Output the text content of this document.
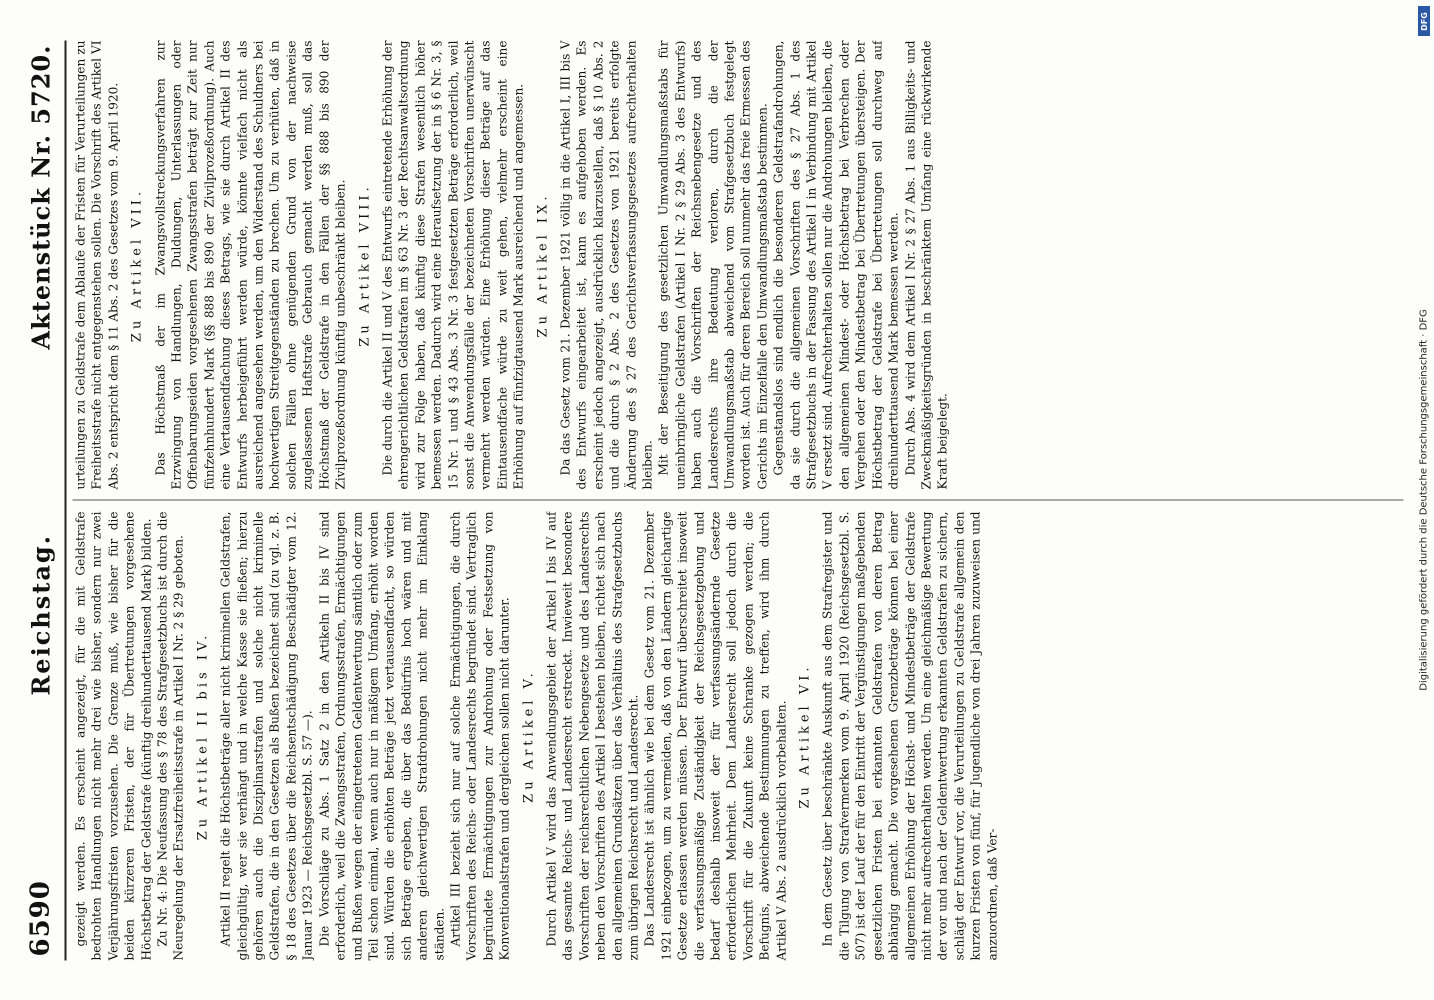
6590
Reichstag.
Aktenstück Nr. 5720.

gezeigt werden. Es erscheint angezeigt, für die mit Geldstrafe bedrohten Handlungen nicht mehr drei wie bisher, sondern nur zwei Verjährungsfristen vorzusehen. Die Grenze muß, wie bisher für die beiden kürzeren Fristen, der für Übertretungen vorgesehene Höchstbetrag der Geldstrafe (künftig dreihunderttausend Mark) bilden. Zu Nr. 4: Die Neufassung des § 78 des Strafgesetzbuchs ist durch die Neuregelung der Ersatzfreiheitsstrafe in Artikel I Nr. 2 § 29 geboten. Zu Artikel II bis IV. Artikel II regelt die Höchstbeträge aller nicht kriminellen Geldstrafen, gleichgültig, wer sie verhängt und in welche Kasse sie fließen; hierzu gehören auch die Disziplinarstrafen und solche nicht kriminelle Geldstrafen, die in den Gesetzen als Bußen bezeichnet sind (zu vgl. z. B. § 18 des Gesetzes über die Reichsentschädigung Beschädigter vom 12. Januar 1923 — Reichsgesetzbl. S. 57 —). Die Vorschläge zu Abs. 1 Satz 2 in den Artikeln II bis IV sind erforderlich, weil die Zwangsstrafen, Ordnungsstrafen, Ermächtigungen und Bußen wegen der eingetretenen Geldentwertung sämtlich oder zum Teil schon einmal, wenn auch nur in mäßigem Umfang, erhöht worden sind. Würden die erhöhten Beträge jetzt vertausendfacht, so würden sich Beträge ergeben, die über das Bedürfnis hoch wären und mit anderen gleichwertigen Strafdrohungen nicht mehr im Einklang ständen. Artikel III bezieht sich nur auf solche Ermächtigungen, die durch Vorschriften des Reichs- oder Landesrechts begründet sind. Vertraglich begründete Ermächtigungen zur Androhung oder Festsetzung von Konventionalstrafen und dergleichen sollen nicht darunter. Zu Artikel V. Durch Artikel V wird das Anwendungsgebiet der Artikel I bis IV auf das gesamte Reichs- und Landesrecht erstreckt. Inwieweit besondere Vorschriften der reichsrechtlichen Nebengesetze und des Landesrechts neben den Vorschriften des Artikel I bestehen bleiben, richtet sich nach den allgemeinen Grundsätzen über das Verhältnis des Strafgesetzbuchs zum übrigen Reichsrecht und Landesrecht. Das Landesrecht ist ähnlich wie bei dem Gesetz vom 21. Dezember 1921 einbezogen, um zu vermeiden, daß von den Ländern gleichartige Gesetze erlassen werden müssen. Der Entwurf überschreitet insoweit die verfassungsmäßige Zuständigkeit der Reichsgesetzgebung und bedarf deshalb insoweit der für verfassungsändernde Gesetze erforderlichen Mehrheit. Dem Landesrecht soll jedoch durch die Vorschrift für die Zukunft keine Schranke gezogen werden; die Befugnis, abweichende Bestimmungen zu treffen, wird ihm durch Artikel V Abs. 2 ausdrücklich vorbehalten. Zu Artikel VI. In dem Gesetz über beschränkte Auskunft aus dem Strafregister und die Tilgung von Strafvermerken vom 9. April 1920 (Reichsgesetzbl. S. 507) ist der Lauf der für den Eintritt der Vergünstigungen maßgebenden gesetzlichen Fristen bei erkannten Geldstrafen von deren Betrag abhängig gemacht. Die vorgesehenen Grenzbeträge können bei einer allgemeinen Erhöhung der Höchst- und Mindestbeträge der Geldstrafe nicht mehr aufrechterhalten werden. Um eine gleichmäßige Bewertung der vor und nach der Geldentwertung erkannten Geldstrafen zu sichern, schlägt der Entwurf vor, die Verurteilungen zu Geldstrafe allgemein den kurzen Fristen von fünf, für Jugendliche von drei Jahren zuzuweisen und anzuordnen, daß Ver-

urteilungen zu Geldstrafe dem Ablaufe der Fristen für Verurteilungen zu Freiheitsstrafe nicht entgegenstehen sollen. Die Vorschrift des Artikel VI Abs. 2 entspricht dem § 11 Abs. 2 des Gesetzes vom 9. April 1920. Zu Artikel VII. Das Höchstmaß der im Zwangsvollstreckungsverfahren zur Erzwingung von Handlungen, Duldungen, Unterlassungen oder Offenbarungseiden vorgesehenen Zwangsstrafen beträgt zur Zeit nur fünfzehnhundert Mark (§§ 888 bis 890 der Zivilprozeßordnung). Auch eine Vertausendfachung dieses Betrags, wie sie durch Artikel II des Entwurfs herbeigeführt werden würde, könnte vielfach nicht als ausreichend angesehen werden, um den Widerstand des Schuldners bei hochwertigen Streitgegenständen zu brechen. Um zu verhüten, daß in solchen Fällen ohne genügenden Grund von der nachweise zugelassenen Haftstrafe Gebrauch gemacht werden muß, soll das Höchstmaß der Geldstrafe in den Fällen der §§ 888 bis 890 der Zivilprozeßordnung künftig unbeschränkt bleiben. Zu Artikel VIII. Die durch die Artikel II und V des Entwurfs eintretende Erhöhung der ehrengerichtlichen Geldstrafen im § 63 Nr. 3 der Rechtsanwaltsordnung wird zur Folge haben, daß künftig diese Strafen wesentlich höher bemessen werden. Dadurch wird eine Heraufsetzung der in § 6 Nr. 3, § 15 Nr. 1 und § 43 Abs. 3 Nr. 3 festgesetzten Beträge erforderlich, weil sonst die Anwendungsfälle der bezeichneten Vorschriften unerwünscht vermehrt werden würden. Eine Erhöhung dieser Beträge auf das Eintausendfache würde zu weit gehen, vielmehr erscheint eine Erhöhung auf fünfzigtausend Mark ausreichend und angemessen. Zu Artikel IX. Da das Gesetz vom 21. Dezember 1921 völlig in die Artikel I, III bis V des Entwurfs eingearbeitet ist, kann es aufgehoben werden. Es erscheint jedoch angezeigt, ausdrücklich klarzustellen, daß § 10 Abs. 2 und die durch § 2 Abs. 2 des Gesetzes von 1921 bereits erfolgte Änderung des § 27 des Gerichtsverfassungsgesetzes aufrechterhalten bleiben. Mit der Beseitigung des gesetzlichen Umwandlungsmaßstabs für uneinbringliche Geldstrafen (Artikel I Nr. 2 § 29 Abs. 3 des Entwurfs) haben auch die Vorschriften der Reichsnebengesetze und des Landesrechts ihre Bedeutung verloren, durch die der Umwandlungsmaßstab abweichend vom Strafgesetzbuch festgelegt worden ist. Auch für deren Bereich soll nunmehr das freie Ermessen des Gerichts im Einzelfalle den Umwandlungsmaßstab bestimmen. Gegenstandslos sind endlich die besonderen Geldstrafandrohungen, da sie durch die allgemeinen Vorschriften des § 27 Abs. 1 des Strafgesetzbuchs in der Fassung des Artikel I in Verbindung mit Artikel V ersetzt sind. Aufrechterhalten sollen nur die Androhungen bleiben, die den allgemeinen Mindest- oder Höchstbetrag bei Verbrechen oder Vergehen oder den Mindestbetrag bei Übertretungen übersteigen. Der Höchstbetrag der Geldstrafe bei Übertretungen soll durchweg auf dreihunderttausend Mark bemessen werden. Durch Abs. 4 wird dem Artikel I Nr. 2 § 27 Abs. 1 aus Billigkeits- und Zweckmäßigkeitsgründen in beschränktem Umfang eine rückwirkende Kraft beigelegt.	Digitalisierung gefördert durch die Deutsche Forschungsgemeinschaft · DFG
DFG
